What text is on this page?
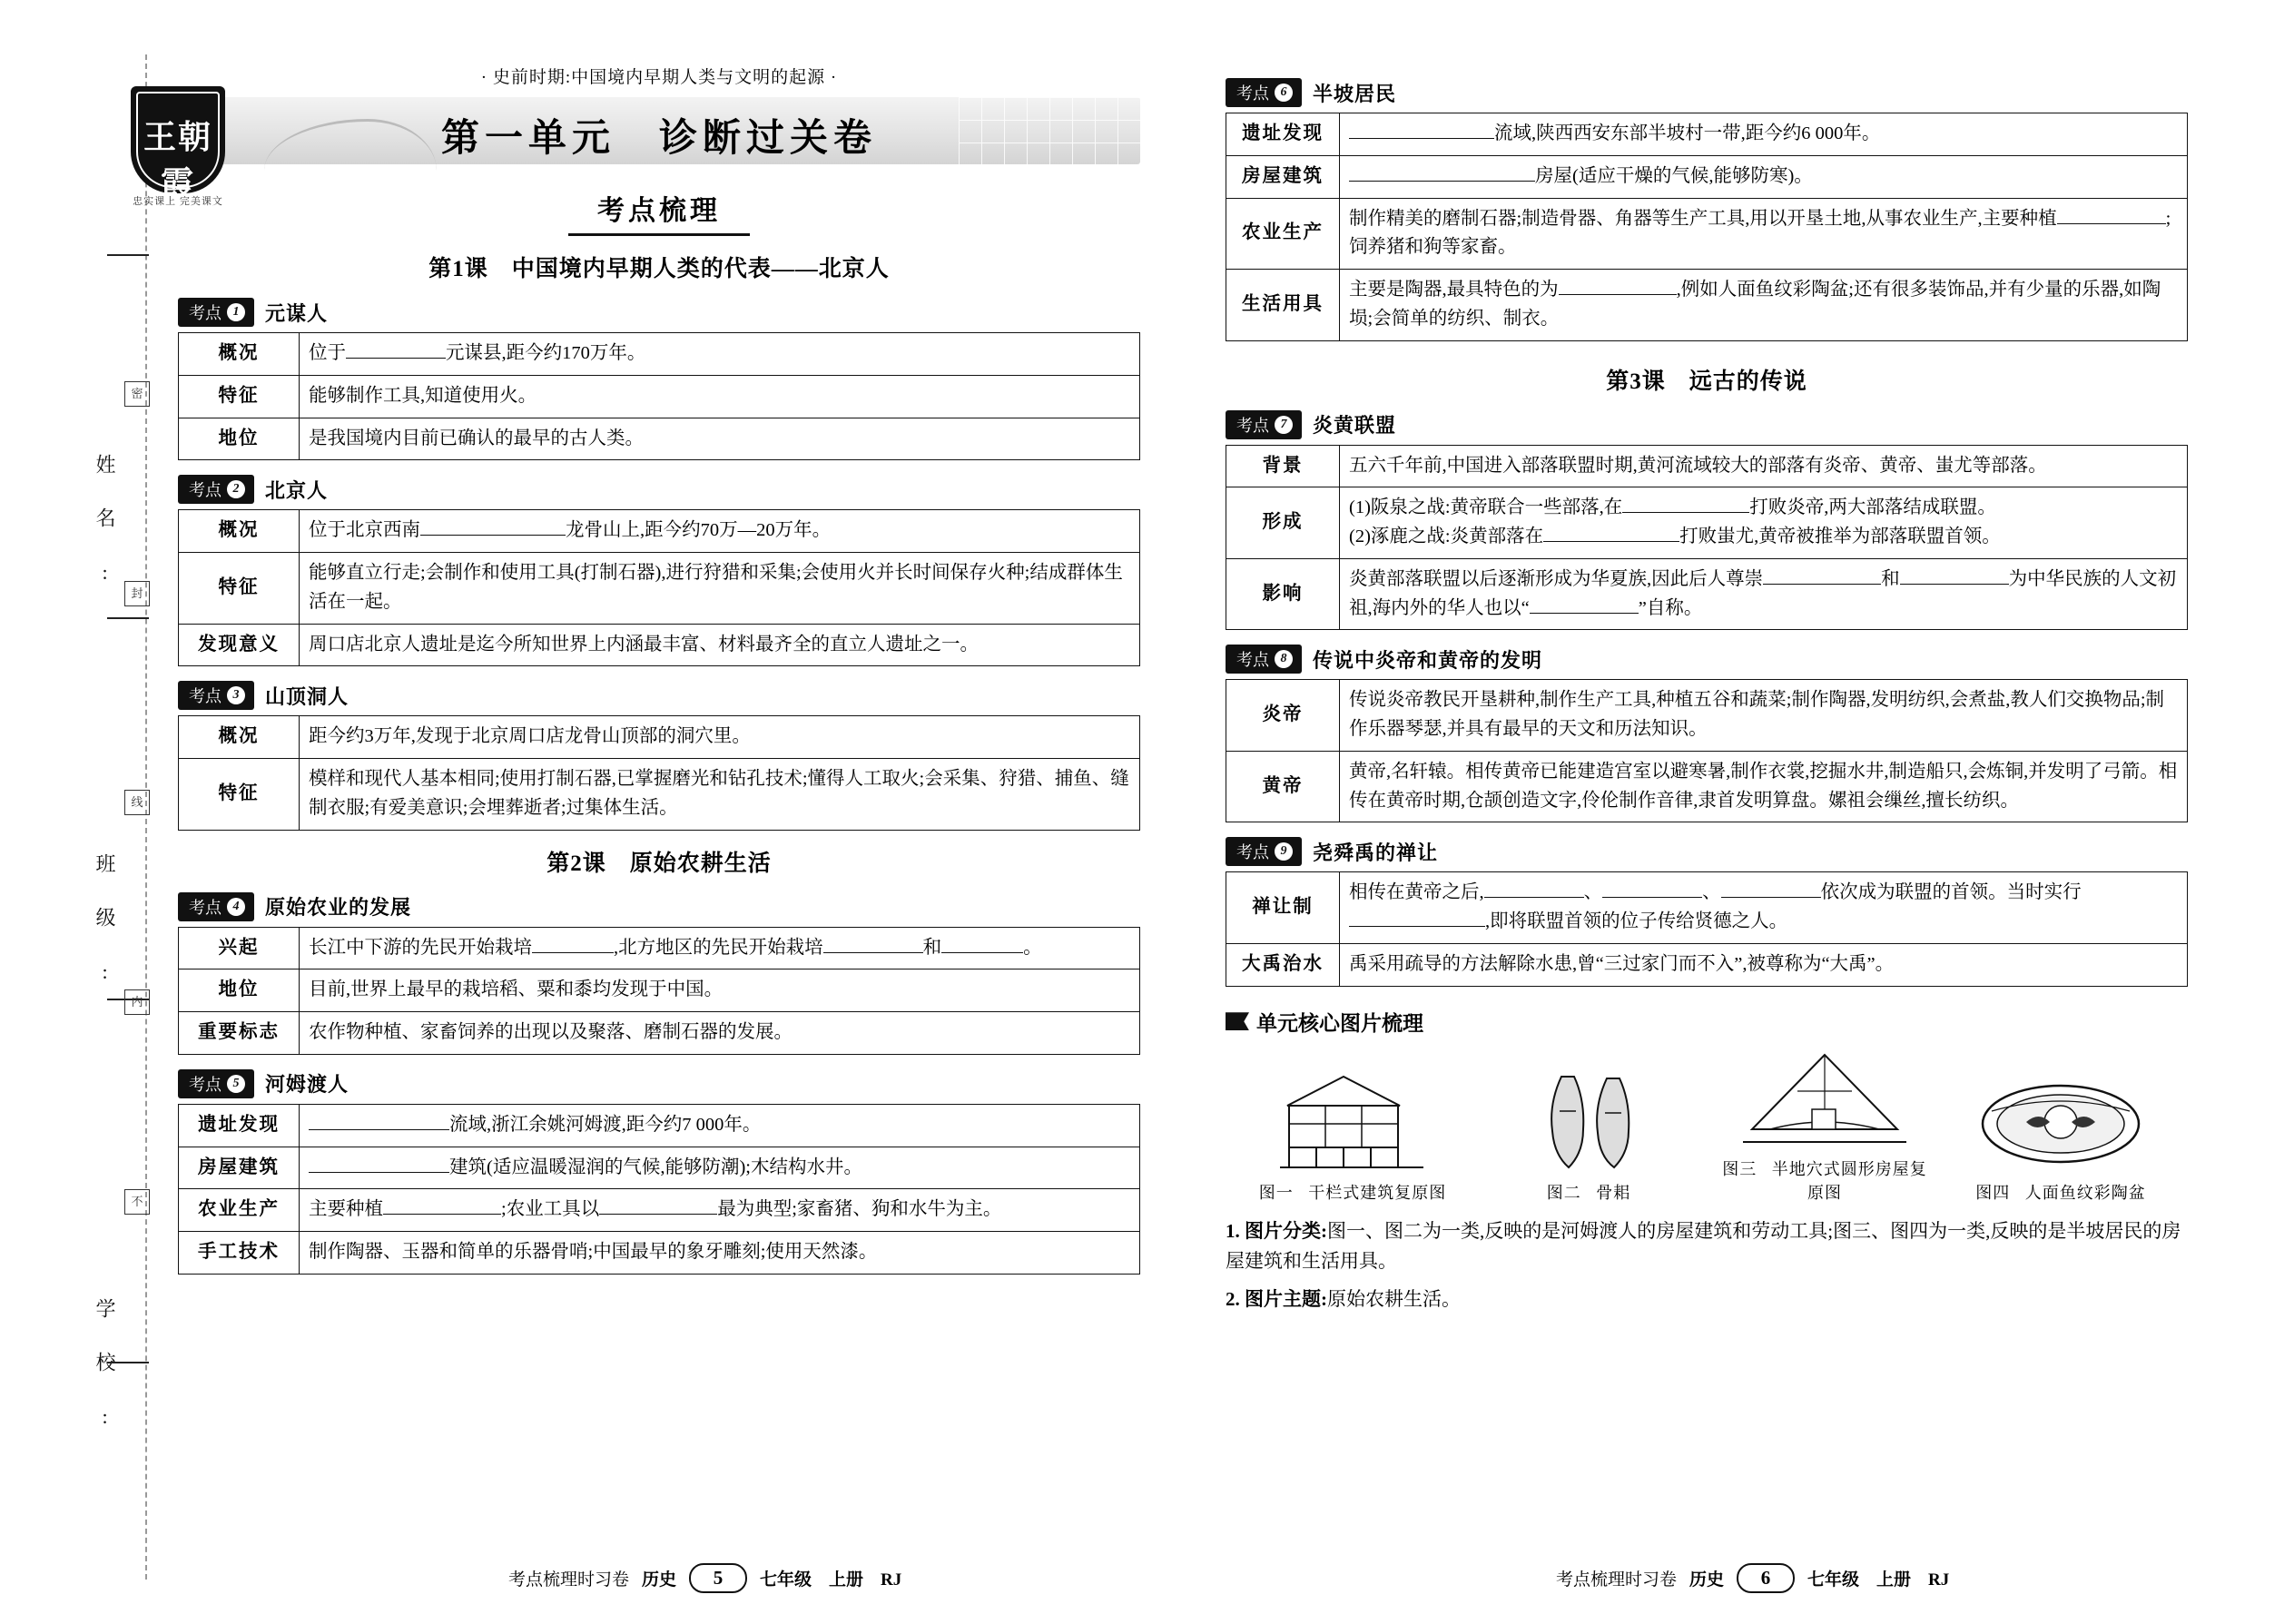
姓 名 :
班 级 :
学 校 :
密
封
线
内
不
· 史前时期:中国境内早期人类与文明的起源 ·
第一单元　诊断过关卷
王朝霞
忠实课上 完美课文	考点梳理
第1课　中国境内早期人类的代表——北京人
考点 1 元谋人
概况	位于 元谋县,距今约170万年。
特征	能够制作工具,知道使用火。
地位	是我国境内目前已确认的最早的古人类。
考点 2 北京人
概况	位于北京西南 龙骨山上,距今约70万—20万年。
特征	能够直立行走;会制作和使用工具(打制石器),进行狩猎和采集;会使用火并长时间保存火种;结成群体生活在一起。
发现意义	周口店北京人遗址是迄今所知世界上内涵最丰富、材料最齐全的直立人遗址之一。
考点 3 山顶洞人
概况	距今约3万年,发现于北京周口店龙骨山顶部的洞穴里。
特征	模样和现代人基本相同;使用打制石器,已掌握磨光和钻孔技术;懂得人工取火;会采集、狩猎、捕鱼、缝制衣服;有爱美意识;会埋葬逝者;过集体生活。
第2课　原始农耕生活
考点 4 原始农业的发展
兴起	长江中下游的先民开始栽培 ,北方地区的先民开始栽培 和 。
地位	目前,世界上最早的栽培稻、粟和黍均发现于中国。
重要标志	农作物种植、家畜饲养的出现以及聚落、磨制石器的发展。
考点 5 河姆渡人
遗址发现	流域,浙江余姚河姆渡,距今约7 000年。
房屋建筑	建筑(适应温暖湿润的气候,能够防潮);木结构水井。
农业生产	主要种植 ;农业工具以 最为典型;家畜猪、狗和水牛为主。
手工技术	制作陶器、玉器和简单的乐器骨哨;中国最早的象牙雕刻;使用天然漆。
考点 6 半坡居民
遗址发现	流域,陕西西安东部半坡村一带,距今约6 000年。
房屋建筑	房屋(适应干燥的气候,能够防寒)。
农业生产	制作精美的磨制石器;制造骨器、角器等生产工具,用以开垦土地,从事农业生产,主要种植 ;饲养猪和狗等家畜。
生活用具	主要是陶器,最具特色的为 ,例如人面鱼纹彩陶盆;还有很多装饰品,并有少量的乐器,如陶埙;会简单的纺织、制衣。
第3课　远古的传说
考点 7 炎黄联盟
背景	五六千年前,中国进入部落联盟时期,黄河流域较大的部落有炎帝、黄帝、蚩尤等部落。
形成	(1)阪泉之战:黄帝联合一些部落,在 打败炎帝,两大部落结成联盟。
(2)涿鹿之战:炎黄部落在 打败蚩尤,黄帝被推举为部落联盟首领。
影响	炎黄部落联盟以后逐渐形成为华夏族,因此后人尊崇 和 为中华民族的人文初祖,海内外的华人也以“ ”自称。
考点 8 传说中炎帝和黄帝的发明
炎帝	传说炎帝教民开垦耕种,制作生产工具,种植五谷和蔬菜;制作陶器,发明纺织,会煮盐,教人们交换物品;制作乐器琴瑟,并具有最早的天文和历法知识。
黄帝	黄帝,名轩辕。相传黄帝已能建造宫室以避寒暑,制作衣裳,挖掘水井,制造船只,会炼铜,并发明了弓箭。相传在黄帝时期,仓颉创造文字,伶伦制作音律,隶首发明算盘。嫘祖会缫丝,擅长纺织。
考点 9 尧舜禹的禅让
禅让制	相传在黄帝之后, 、 、 依次成为联盟的首领。当时实行,即将联盟首领的位子传给贤德之人。
大禹治水	禹采用疏导的方法解除水患,曾“三过家门而不入”,被尊称为“大禹”。
单元核心图片梳理
图一 干栏式建筑复原图	图二 骨耜
图三 半地穴式圆形房屋复原图	图四 人面鱼纹彩陶盆

1. 图片分类:图一、图二为一类,反映的是河姆渡人的房屋建筑和劳动工具;图三、图四为一类,反映的是半坡居民的房屋建筑和生活用具。

2. 图片主题:原始农耕生活。

考点梳理时习卷 历史	5	七年级　上册　RJ	考点梳理时习卷 历史	6	七年级　上册　RJ
